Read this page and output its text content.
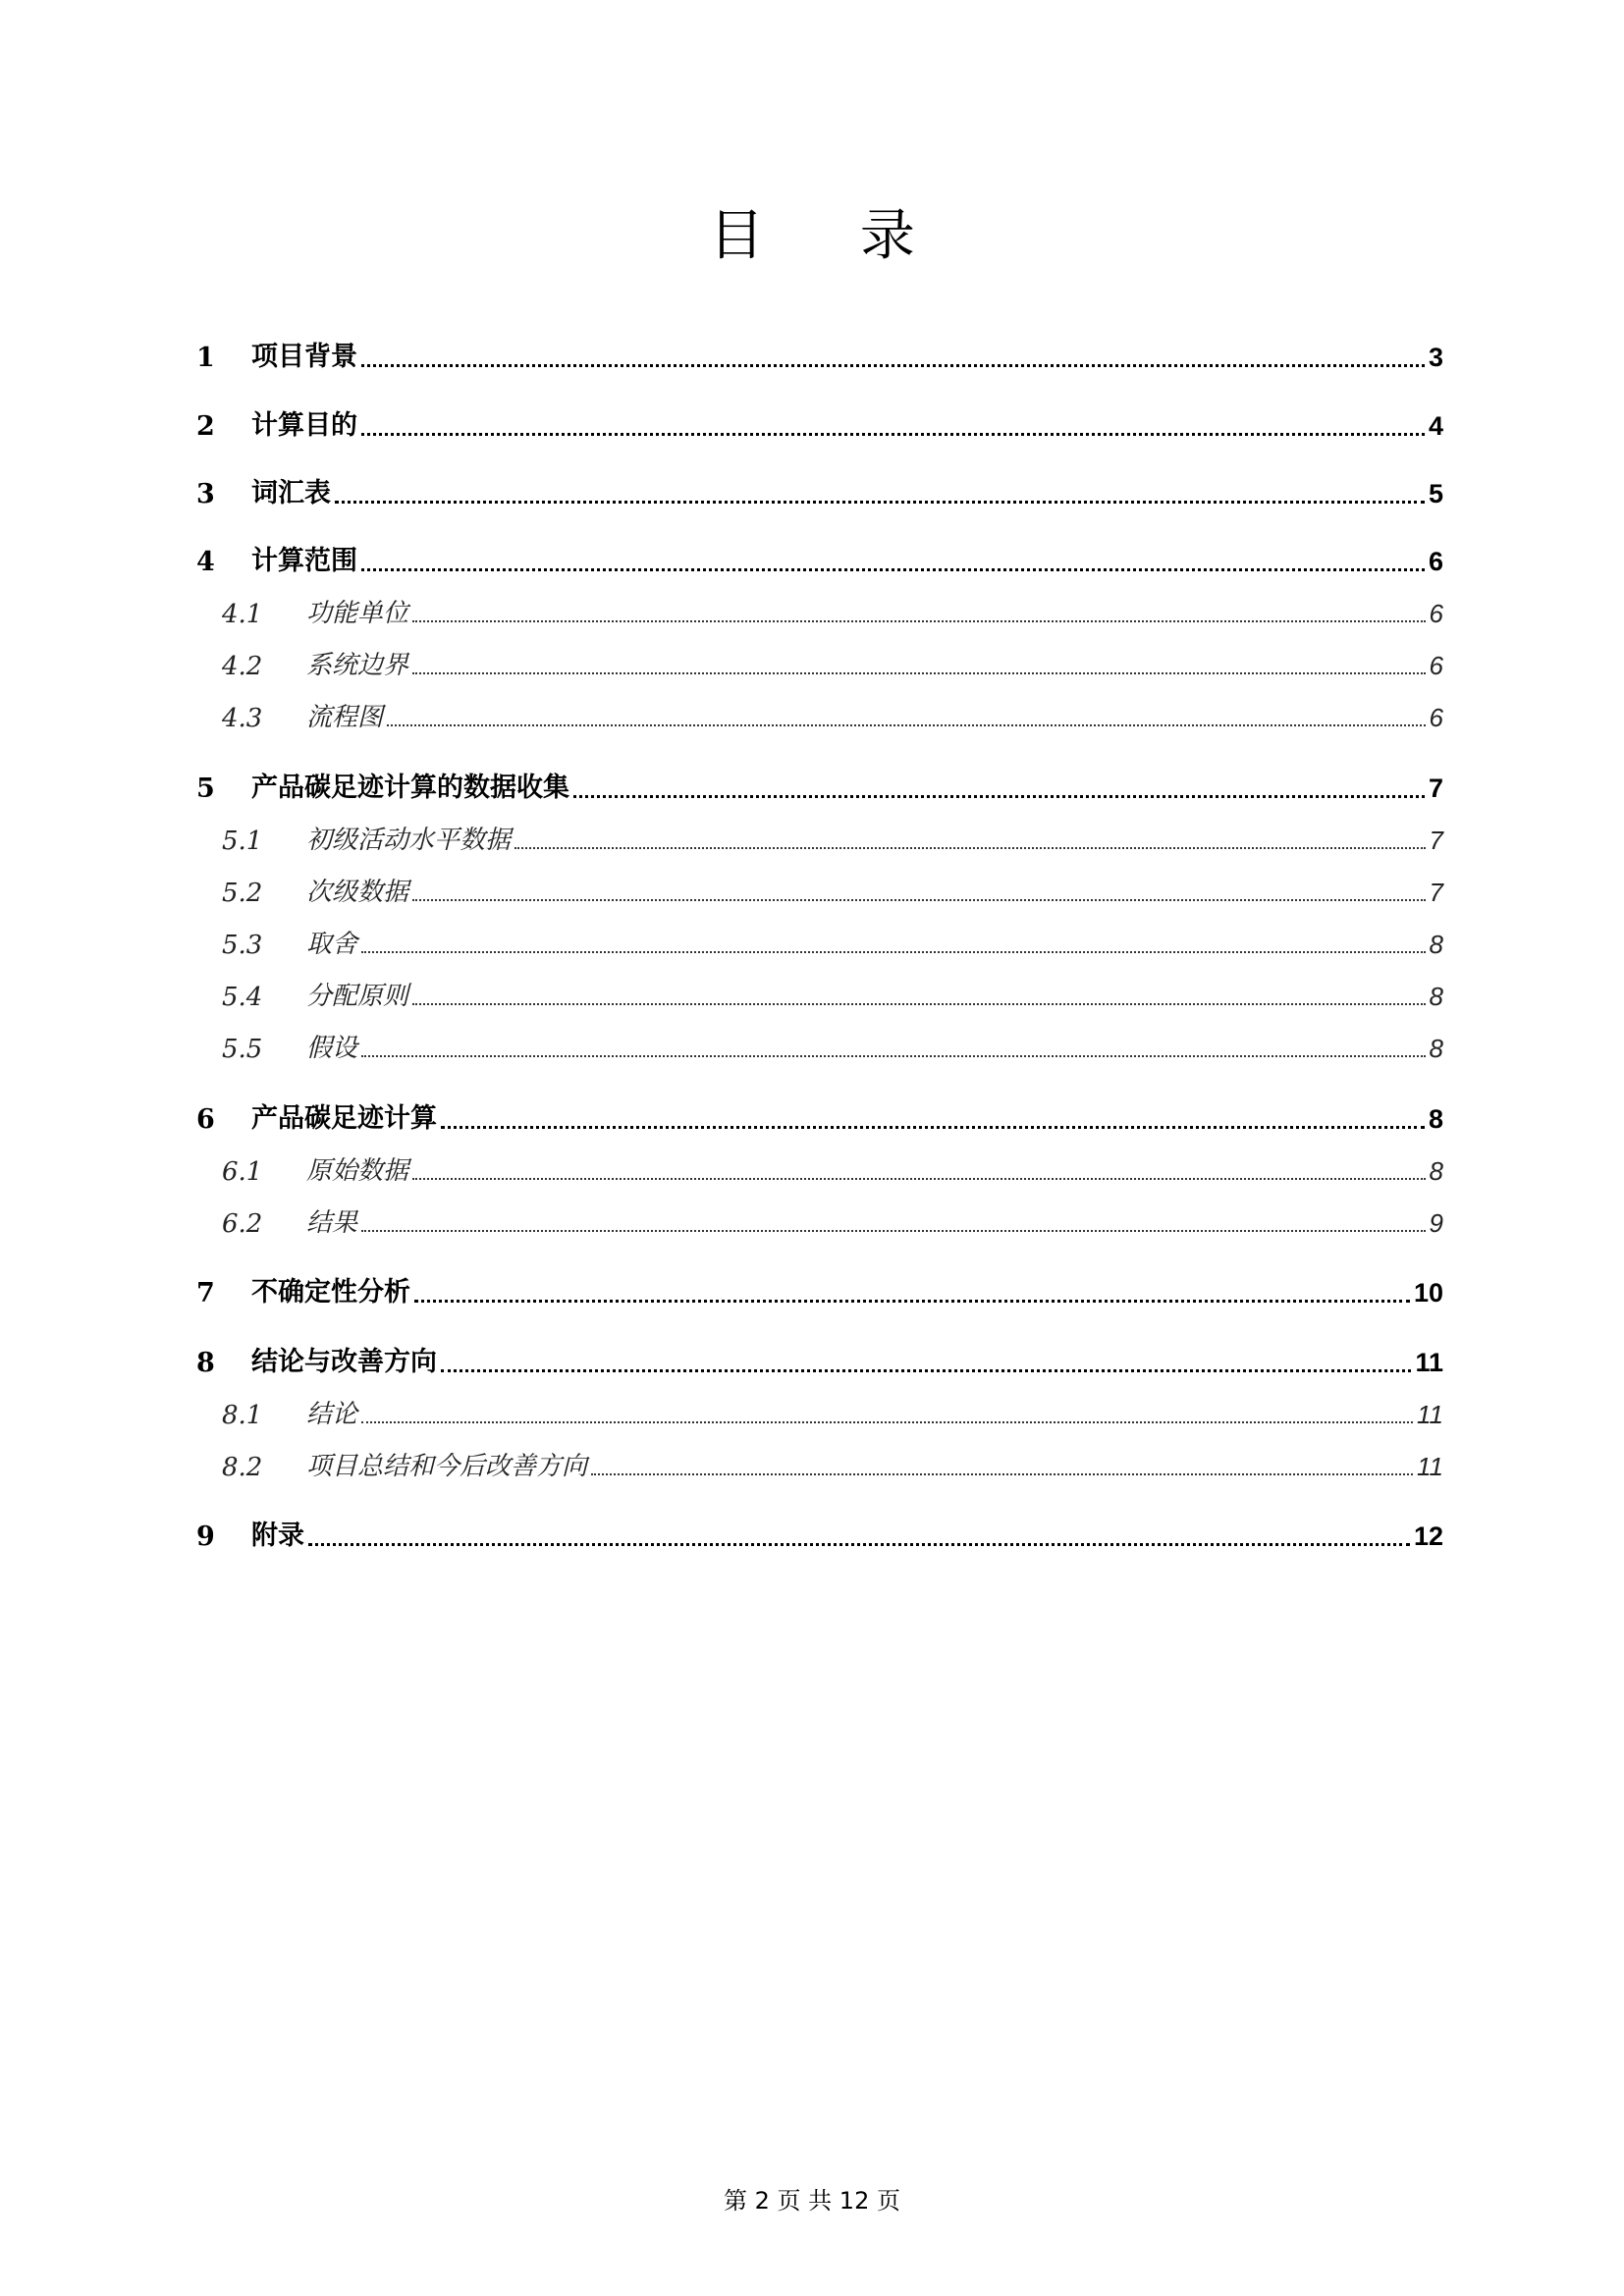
目 录
1	项目背景	3
2	计算目的	4
3	词汇表	5
4	计算范围	6
4.1	功能单位	6
4.2	系统边界	6
4.3	流程图	6
5	产品碳足迹计算的数据收集	7
5.1	初级活动水平数据	7
5.2	次级数据	7
5.3	取舍	8
5.4	分配原则	8
5.5	假设	8
6	产品碳足迹计算	8
6.1	原始数据	8
6.2	结果	9
7	不确定性分析	10
8	结论与改善方向	11
8.1	结论	11
8.2	项目总结和今后改善方向	11
9	附录	12
第 2 页 共 12 页
